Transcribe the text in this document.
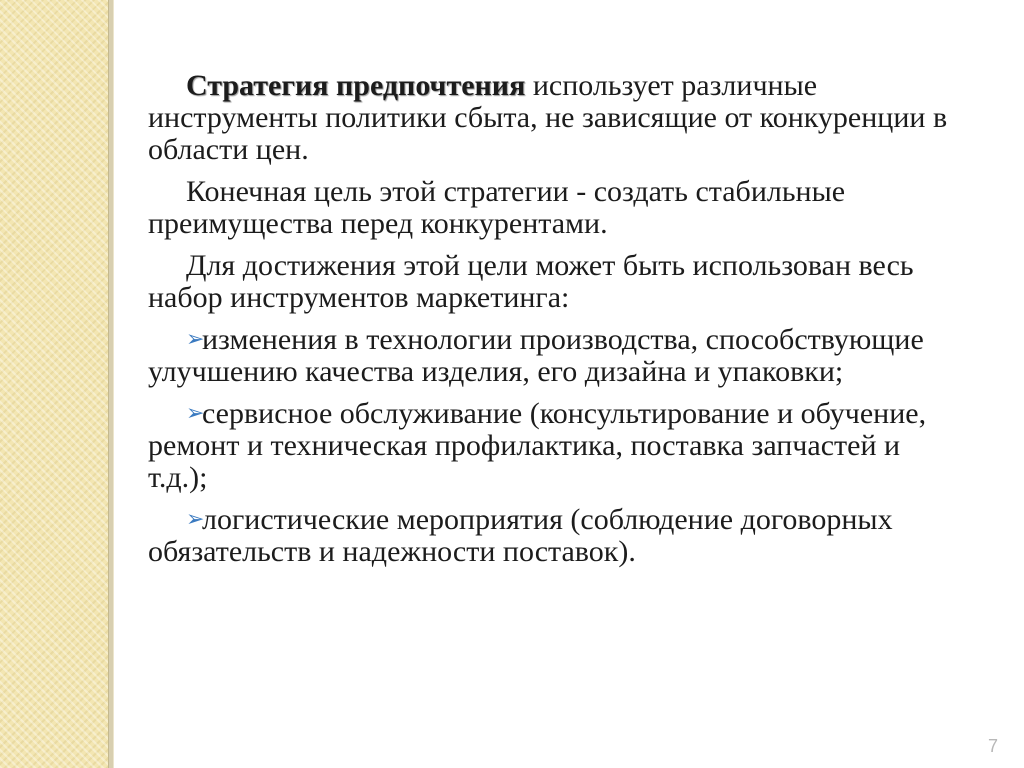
Стратегия предпочтения использует различные инструменты политики сбыта, не зависящие от конкуренции в области цен.

Конечная цель этой стратегии - создать стабильные преимущества перед конкурентами.

Для достижения этой цели может быть использован весь набор инструментов маркетинга:

➢изменения в технологии производства, способствующие улучшению качества изделия, его дизайна и упаковки;

➢сервисное обслуживание (консультирование и обучение, ремонт и техническая профилактика, поставка запчастей и т.д.);

➢логистические мероприятия (соблюдение договорных обязательств и надежности поставок).

7
